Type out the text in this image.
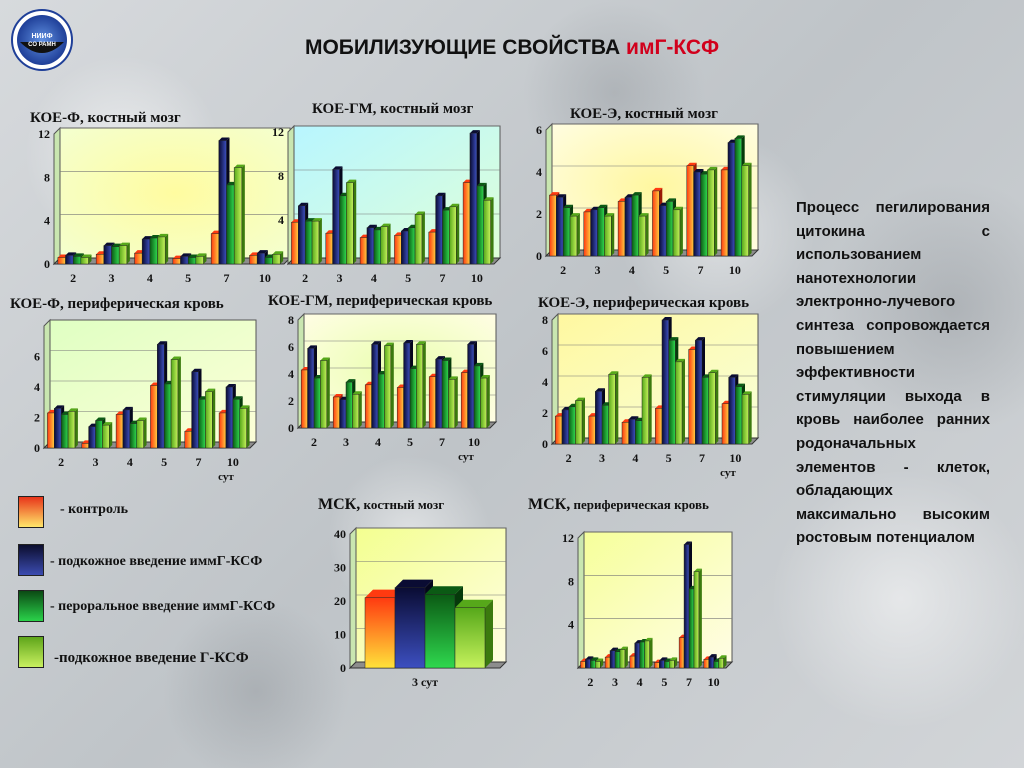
НИИФ
СО РАМН	МОБИЛИЗУЮЩИЕ СВОЙСТВА имГ-КСФ
0
4
8
12
2	3	4	5	7 10
4
8
12
2 3 4 5 7 10
0
2
4
6
2 3 4 5 7 10
0
2
4
6
2 3 4 5 7 10
сут
0
2
4
6
8
2 3 4 5 7 10
сут
0
2
4
6
8
2 3 4 5 7 10
сут
0
10
20
30
40
3 сут
4
8
12
2 3 4 5 7 10
КОЕ-Ф, костный мозг
КОЕ-ГМ, костный мозг	КОЕ-Э, костный мозг
КОЕ-Ф, периферическая кровь	КОЕ-ГМ, периферическая кровь	КОЕ-Э, периферическая кровь
МСК, костный мозг	МСК, периферическая кровь
- контроль
- подкожное введение иммГ-КСФ
- пероральное введение иммГ-КСФ
-подкожное введение Г-КСФ
Процесс пегилирования цитокина с использованием нанотехнологии электронно-лучевого синтеза сопровождается повышением эффективности стимуляции выхода в кровь наиболее ранних родоначальных элементов - клеток, обладающих максимально высоким ростовым потенциалом
